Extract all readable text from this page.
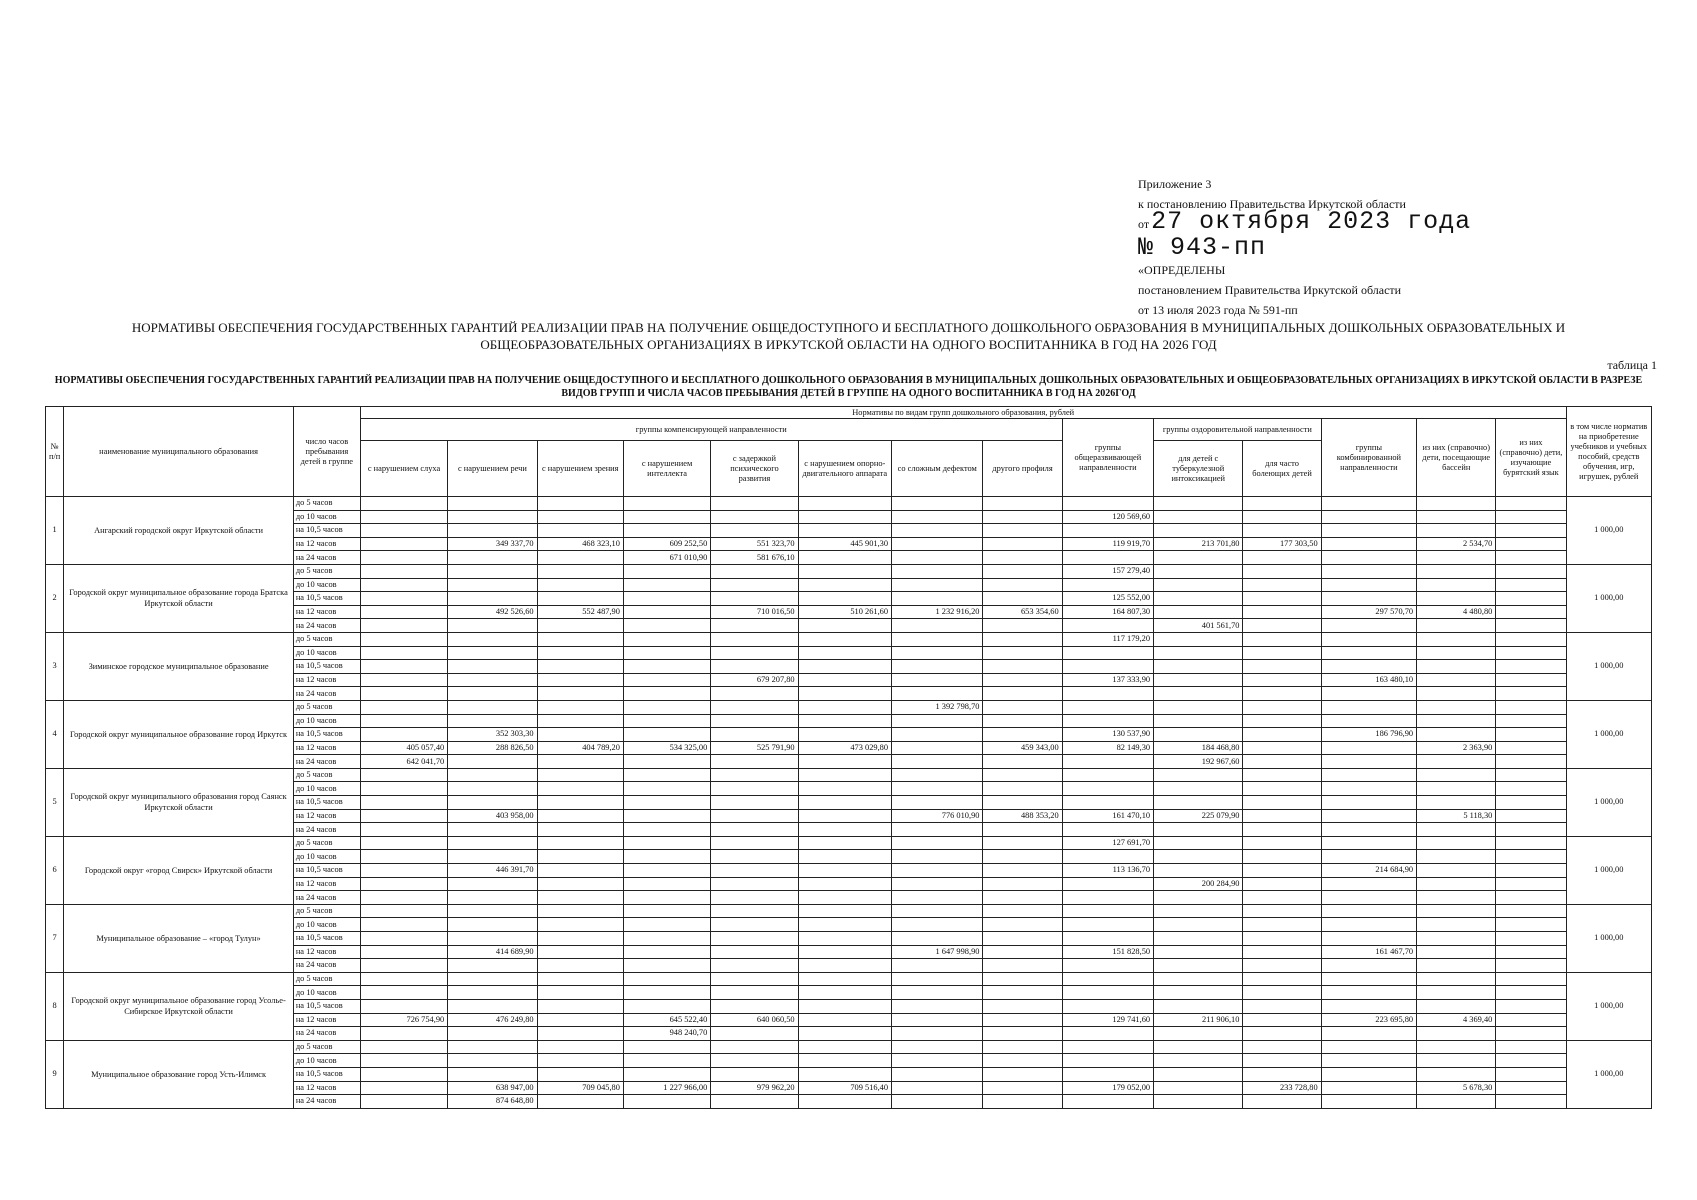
Приложение 3
к постановлению Правительства Иркутской области
от27 октября 2023 года
№ 943-пп
«ОПРЕДЕЛЕНЫ
постановлением Правительства Иркутской области
от 13 июля 2023 года № 591-пп
НОРМАТИВЫ ОБЕСПЕЧЕНИЯ ГОСУДАРСТВЕННЫХ ГАРАНТИЙ РЕАЛИЗАЦИИ ПРАВ НА ПОЛУЧЕНИЕ ОБЩЕДОСТУПНОГО И БЕСПЛАТНОГО ДОШКОЛЬНОГО ОБРАЗОВАНИЯ В МУНИЦИПАЛЬНЫХ ДОШКОЛЬНЫХ ОБРАЗОВАТЕЛЬНЫХ И ОБЩЕОБРАЗОВАТЕЛЬНЫХ ОРГАНИЗАЦИЯХ В ИРКУТСКОЙ ОБЛАСТИ НА ОДНОГО ВОСПИТАННИКА В ГОД НА 2026 ГОД
таблица 1
НОРМАТИВЫ ОБЕСПЕЧЕНИЯ ГОСУДАРСТВЕННЫХ ГАРАНТИЙ РЕАЛИЗАЦИИ ПРАВ НА ПОЛУЧЕНИЕ ОБЩЕДОСТУПНОГО И БЕСПЛАТНОГО ДОШКОЛЬНОГО ОБРАЗОВАНИЯ В МУНИЦИПАЛЬНЫХ ДОШКОЛЬНЫХ ОБРАЗОВАТЕЛЬНЫХ И ОБЩЕОБРАЗОВАТЕЛЬНЫХ ОРГАНИЗАЦИЯХ В ИРКУТСКОЙ ОБЛАСТИ В РАЗРЕЗЕ ВИДОВ ГРУПП И ЧИСЛА ЧАСОВ ПРЕБЫВАНИЯ ДЕТЕЙ В ГРУППЕ НА ОДНОГО ВОСПИТАННИКА В ГОД НА 2026ГОД
№ п/п	наименование муниципального образования	число часов пребывания детей в группе	Нормативы по видам групп дошкольного образования, рублей														в том числе норматив на приобретение учебников и учебных пособий, средств обучения, игр, игрушек, рублей
			группы компенсирующей направленности								группы общеразвивающей направленности	группы оздоровительной направленности		группы комбинированной направленности	из них (справочно) дети, посещающие бассейн	из них (справочно) дети, изучающие бурятский язык	

			с нарушением слуха	с нарушением речи	с нарушением зрения	с нарушением интеллекта	с задержкой психического развития	с нарушением опорно-двигательного аппарата	со сложным дефектом	другого профиля		для детей с туберкулезной интоксикацией	для часто болеющих детей				
1	Ангарский городской округ Иркутской области	до 5 часов															1 000,00
		до 10 часов									120 569,60						
		на 10,5 часов															
		на 12 часов		349 337,70	468 323,10	609 252,50	551 323,70	445 901,30			119 919,70	213 701,80	177 303,50		2 534,70		
		на 24 часов				671 010,90	581 676,10										
2	Городской округ муниципальное образование города Братска Иркутской области	до 5 часов									157 279,40						1 000,00
		до 10 часов															
		на 10,5 часов									125 552,00						
		на 12 часов		492 526,60	552 487,90		710 016,50	510 261,60	1 232 916,20	653 354,60	164 807,30			297 570,70	4 480,80		
		на 24 часов										401 561,70					
3	Зиминское городское муниципальное образование	до 5 часов									117 179,20						1 000,00
		до 10 часов															
		на 10,5 часов															
		на 12 часов					679 207,80				137 333,90			163 480,10			
		на 24 часов															
4	Городской округ муниципальное образование город Иркутск	до 5 часов							1 392 798,70								1 000,00
		до 10 часов															
		на 10,5 часов		352 303,30							130 537,90			186 796,90			
		на 12 часов	405 057,40	288 826,50	404 789,20	534 325,00	525 791,90	473 029,80		459 343,00	82 149,30	184 468,80			2 363,90		
		на 24 часов	642 041,70									192 967,60					
5	Городской округ муниципального образования город Саянск Иркутской области	до 5 часов															1 000,00
		до 10 часов															
		на 10,5 часов															
		на 12 часов		403 958,00					776 010,90	488 353,20	161 470,10	225 079,90			5 118,30		
		на 24 часов															
6	Городской округ «город Свирск» Иркутской области	до 5 часов									127 691,70						1 000,00
		до 10 часов															
		на 10,5 часов		446 391,70							113 136,70			214 684,90			
		на 12 часов										200 284,90					
		на 24 часов															
7	Муниципальное образование – «город Тулун»	до 5 часов															1 000,00
		до 10 часов															
		на 10,5 часов															
		на 12 часов		414 689,90					1 647 998,90		151 828,50			161 467,70			
		на 24 часов															
8	Городской округ муниципальное образование город Усолье-Сибирское Иркутской области	до 5 часов															1 000,00
		до 10 часов															
		на 10,5 часов															
		на 12 часов	726 754,90	476 249,80		645 522,40	640 060,50				129 741,60	211 906,10		223 695,80	4 369,40		
		на 24 часов				948 240,70											
9	Муниципальное образование город Усть-Илимск	до 5 часов															1 000,00
		до 10 часов															
		на 10,5 часов															
		на 12 часов		638 947,00	709 045,80	1 227 966,00	979 962,20	709 516,40			179 052,00		233 728,80		5 678,30		
		на 24 часов		874 648,80													
